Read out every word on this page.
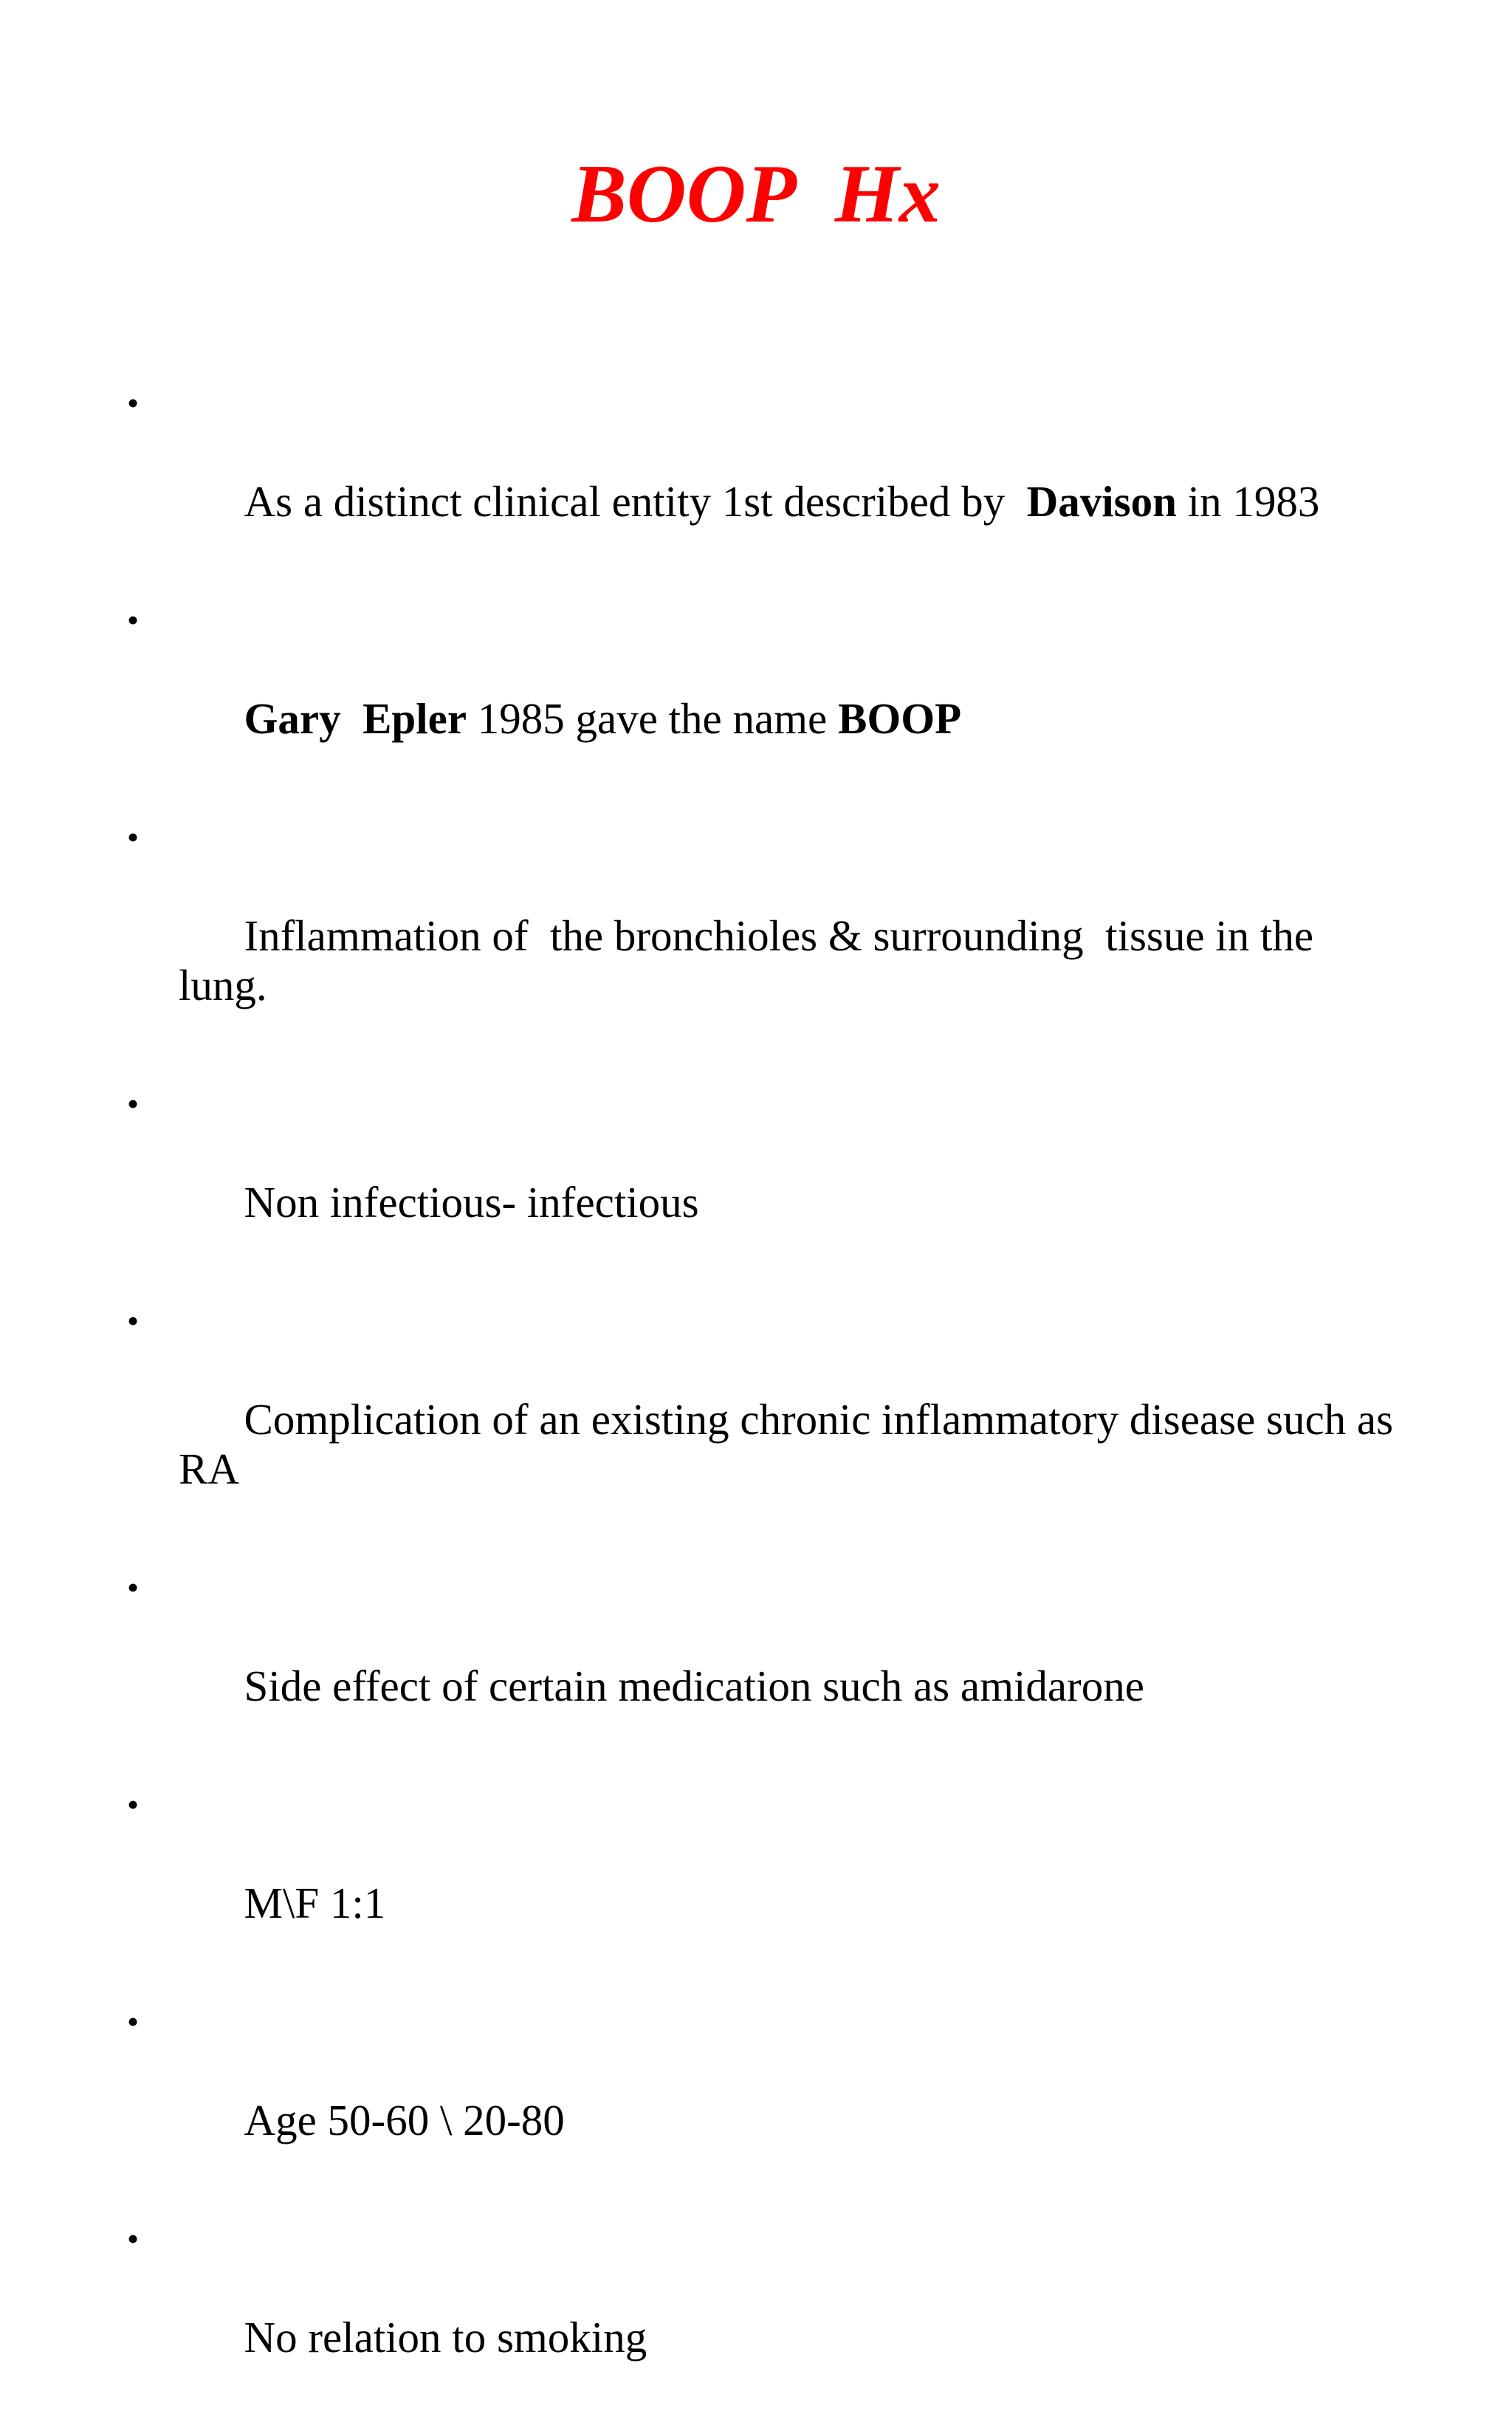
BOOP  Hx

•

As a distinct clinical entity 1st described by  Davison in 1983

•

Gary  Epler 1985 gave the name BOOP

•

Inflammation of  the bronchioles & surrounding  tissue in the lung.

•

Non infectious- infectious

•

Complication of an existing chronic inflammatory disease such as RA

•

Side effect of certain medication such as amidarone

•

M\F 1:1

•

Age 50-60 \ 20-80

•

No relation to smoking
